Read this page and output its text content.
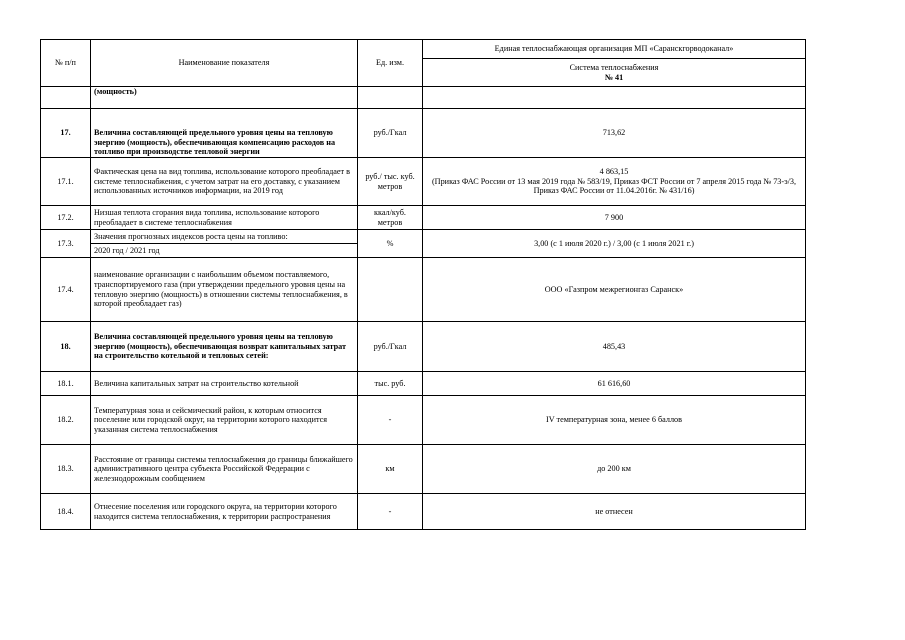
№ п/п	Наименование показателя	Ед. изм.	Единая теплоснабжающая организация МП «Саранскгорводоканал»

			Система теплоснабжения
№ 41

	(мощность)		
17.	Величина составляющей предельного уровня цены на тепловую энергию (мощность), обеспечивающая компенсацию расходов на топливо при производстве тепловой энергии	руб./Гкал	713,62
17.1.	Фактическая цена на вид топлива, использование которого преобладает в системе теплоснабжения, с учетом затрат на его доставку, с указанием использованных источников информации, на 2019 год	руб./ тыс. куб. метров	4 863,15
(Приказ ФАС России от 13 мая 2019 года № 583/19, Приказ ФСТ России от 7 апреля 2015 года № 73-э/3, Приказ ФАС России от 11.04.2016г. № 431/16)
17.2.	Низшая теплота сгорания вида топлива, использование которого преобладает в системе теплоснабжения	ккал/куб. метров	7 900
17.3.	Значения прогнозных индексов роста цены на топливо:	%	3,00 (с 1 июля 2020 г.) / 3,00 (с 1 июля 2021 г.)
	2020 год / 2021 год		
17.4.	наименование организации с наибольшим объемом поставляемого, транспортируемого газа (при утверждении предельного уровня цены на тепловую энергию (мощность) в отношении системы теплоснабжения, в которой преобладает газ)		ООО «Газпром межрегионгаз Саранск»
18.	Величина составляющей предельного уровня цены на тепловую энергию (мощность), обеспечивающая возврат капитальных затрат на строительство котельной и тепловых сетей:	руб./Гкал	485,43
18.1.	Величина капитальных затрат на строительство котельной	тыс. руб.	61 616,60
18.2.	Температурная зона и сейсмический район, к которым относится поселение или городской округ, на территории которого находится указанная система теплоснабжения	-	IV температурная зона, менее 6 баллов
18.3.	Расстояние от границы системы теплоснабжения до границы ближайшего административного центра субъекта Российской Федерации с железнодорожным сообщением	км	до 200 км
18.4.	Отнесение поселения или городского округа, на территории которого находится система теплоснабжения, к территории распространения	-	не отнесен
